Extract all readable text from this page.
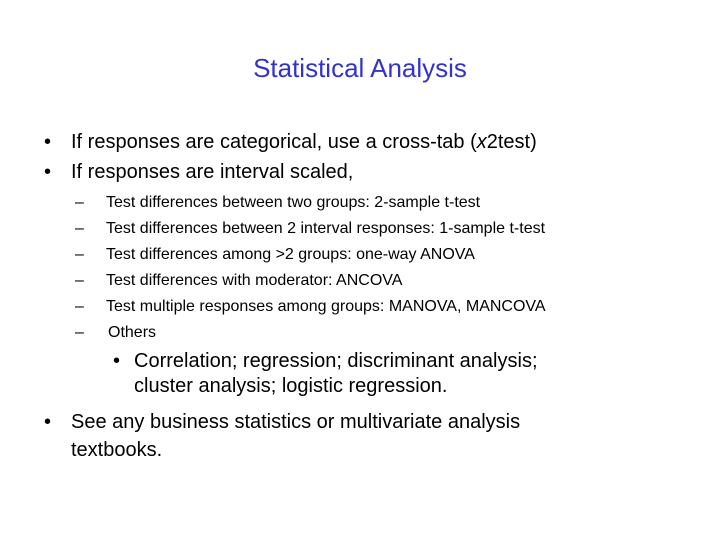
Statistical Analysis
• If responses are categorical, use a cross-tab (x2test)
• If responses are interval scaled,
– Test differences between two groups: 2-sample t-test
– Test differences between 2 interval responses: 1-sample t-test
– Test differences among >2 groups: one-way ANOVA
– Test differences with moderator: ANCOVA
– Test multiple responses among groups: MANOVA, MANCOVA
– Others
• Correlation; regression; discriminant analysis;
cluster analysis; logistic regression.
• See any business statistics or multivariate analysis
textbooks.
